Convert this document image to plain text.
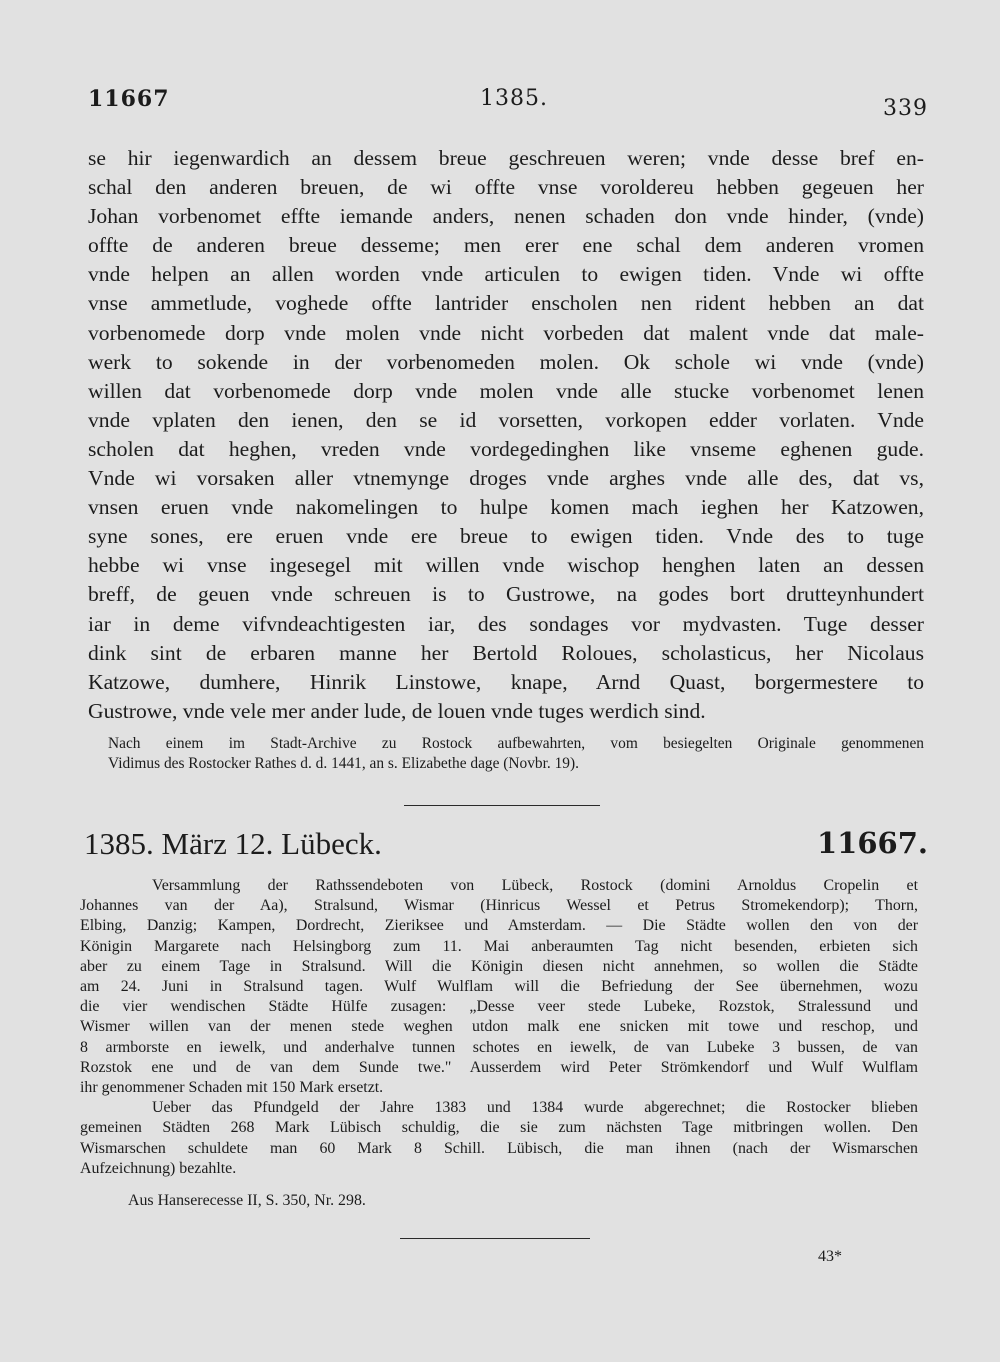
11667	1385.	339
se hir iegenwardich an dessem breue geschreuen weren; vnde desse bref en-
schal den anderen breuen, de wi offte vnse voroldereu hebben gegeuen her
Johan vorbenomet effte iemande anders, nenen schaden don vnde hinder, (vnde)
offte de anderen breue desseme; men erer ene schal dem anderen vromen
vnde helpen an allen worden vnde articulen to ewigen tiden. Vnde wi offte
vnse ammetlude, voghede offte lantrider enscholen nen rident hebben an dat
vorbenomede dorp vnde molen vnde nicht vorbeden dat malent vnde dat male-
werk to sokende in der vorbenomeden molen. Ok schole wi vnde (vnde)
willen dat vorbenomede dorp vnde molen vnde alle stucke vorbenomet lenen
vnde vplaten den ienen, den se id vorsetten, vorkopen edder vorlaten. Vnde
scholen dat heghen, vreden vnde vordegedinghen like vnseme eghenen gude.
Vnde wi vorsaken aller vtnemynge droges vnde arghes vnde alle des, dat vs,
vnsen eruen vnde nakomelingen to hulpe komen mach ieghen her Katzowen,
syne sones, ere eruen vnde ere breue to ewigen tiden. Vnde des to tuge
hebbe wi vnse ingesegel mit willen vnde wischop henghen laten an dessen
breff, de geuen vnde schreuen is to Gustrowe, na godes bort drutteynhundert
iar in deme vifvndeachtigesten iar, des sondages vor mydvasten. Tuge desser
dink sint de erbaren manne her Bertold Roloues, scholasticus, her Nicolaus
Katzowe, dumhere, Hinrik Linstowe, knape, Arnd Quast, borgermestere to
Gustrowe, vnde vele mer ander lude, de louen vnde tuges werdich sind.
Nach einem im Stadt-Archive zu Rostock aufbewahrten, vom besiegelten Originale genommenen
Vidimus des Rostocker Rathes d. d. 1441, an s. Elizabethe dage (Novbr. 19).
1385. März 12. Lübeck.	11667.
Versammlung der Rathssendeboten von Lübeck, Rostock (domini Arnoldus Cropelin et
Johannes van der Aa), Stralsund, Wismar (Hinricus Wessel et Petrus Stromekendorp); Thorn,
Elbing, Danzig; Kampen, Dordrecht, Zieriksee und Amsterdam. — Die Städte wollen den von der
Königin Margarete nach Helsingborg zum 11. Mai anberaumten Tag nicht besenden, erbieten sich
aber zu einem Tage in Stralsund. Will die Königin diesen nicht annehmen, so wollen die Städte
am 24. Juni in Stralsund tagen. Wulf Wulflam will die Befriedung der See übernehmen, wozu
die vier wendischen Städte Hülfe zusagen: „Desse veer stede Lubeke, Rozstok, Stralessund und
Wismer willen van der menen stede weghen utdon malk ene snicken mit towe und reschop, und
8 armborste en iewelk, und anderhalve tunnen schotes en iewelk, de van Lubeke 3 bussen, de van
Rozstok ene und de van dem Sunde twe." Ausserdem wird Peter Strömkendorf und Wulf Wulflam
ihr genommener Schaden mit 150 Mark ersetzt.
Ueber das Pfundgeld der Jahre 1383 und 1384 wurde abgerechnet; die Rostocker blieben
gemeinen Städten 268 Mark Lübisch schuldig, die sie zum nächsten Tage mitbringen wollen. Den
Wismarschen schuldete man 60 Mark 8 Schill. Lübisch, die man ihnen (nach der Wismarschen
Aufzeichnung) bezahlte.
Aus Hanserecesse II, S. 350, Nr. 298.
43*
